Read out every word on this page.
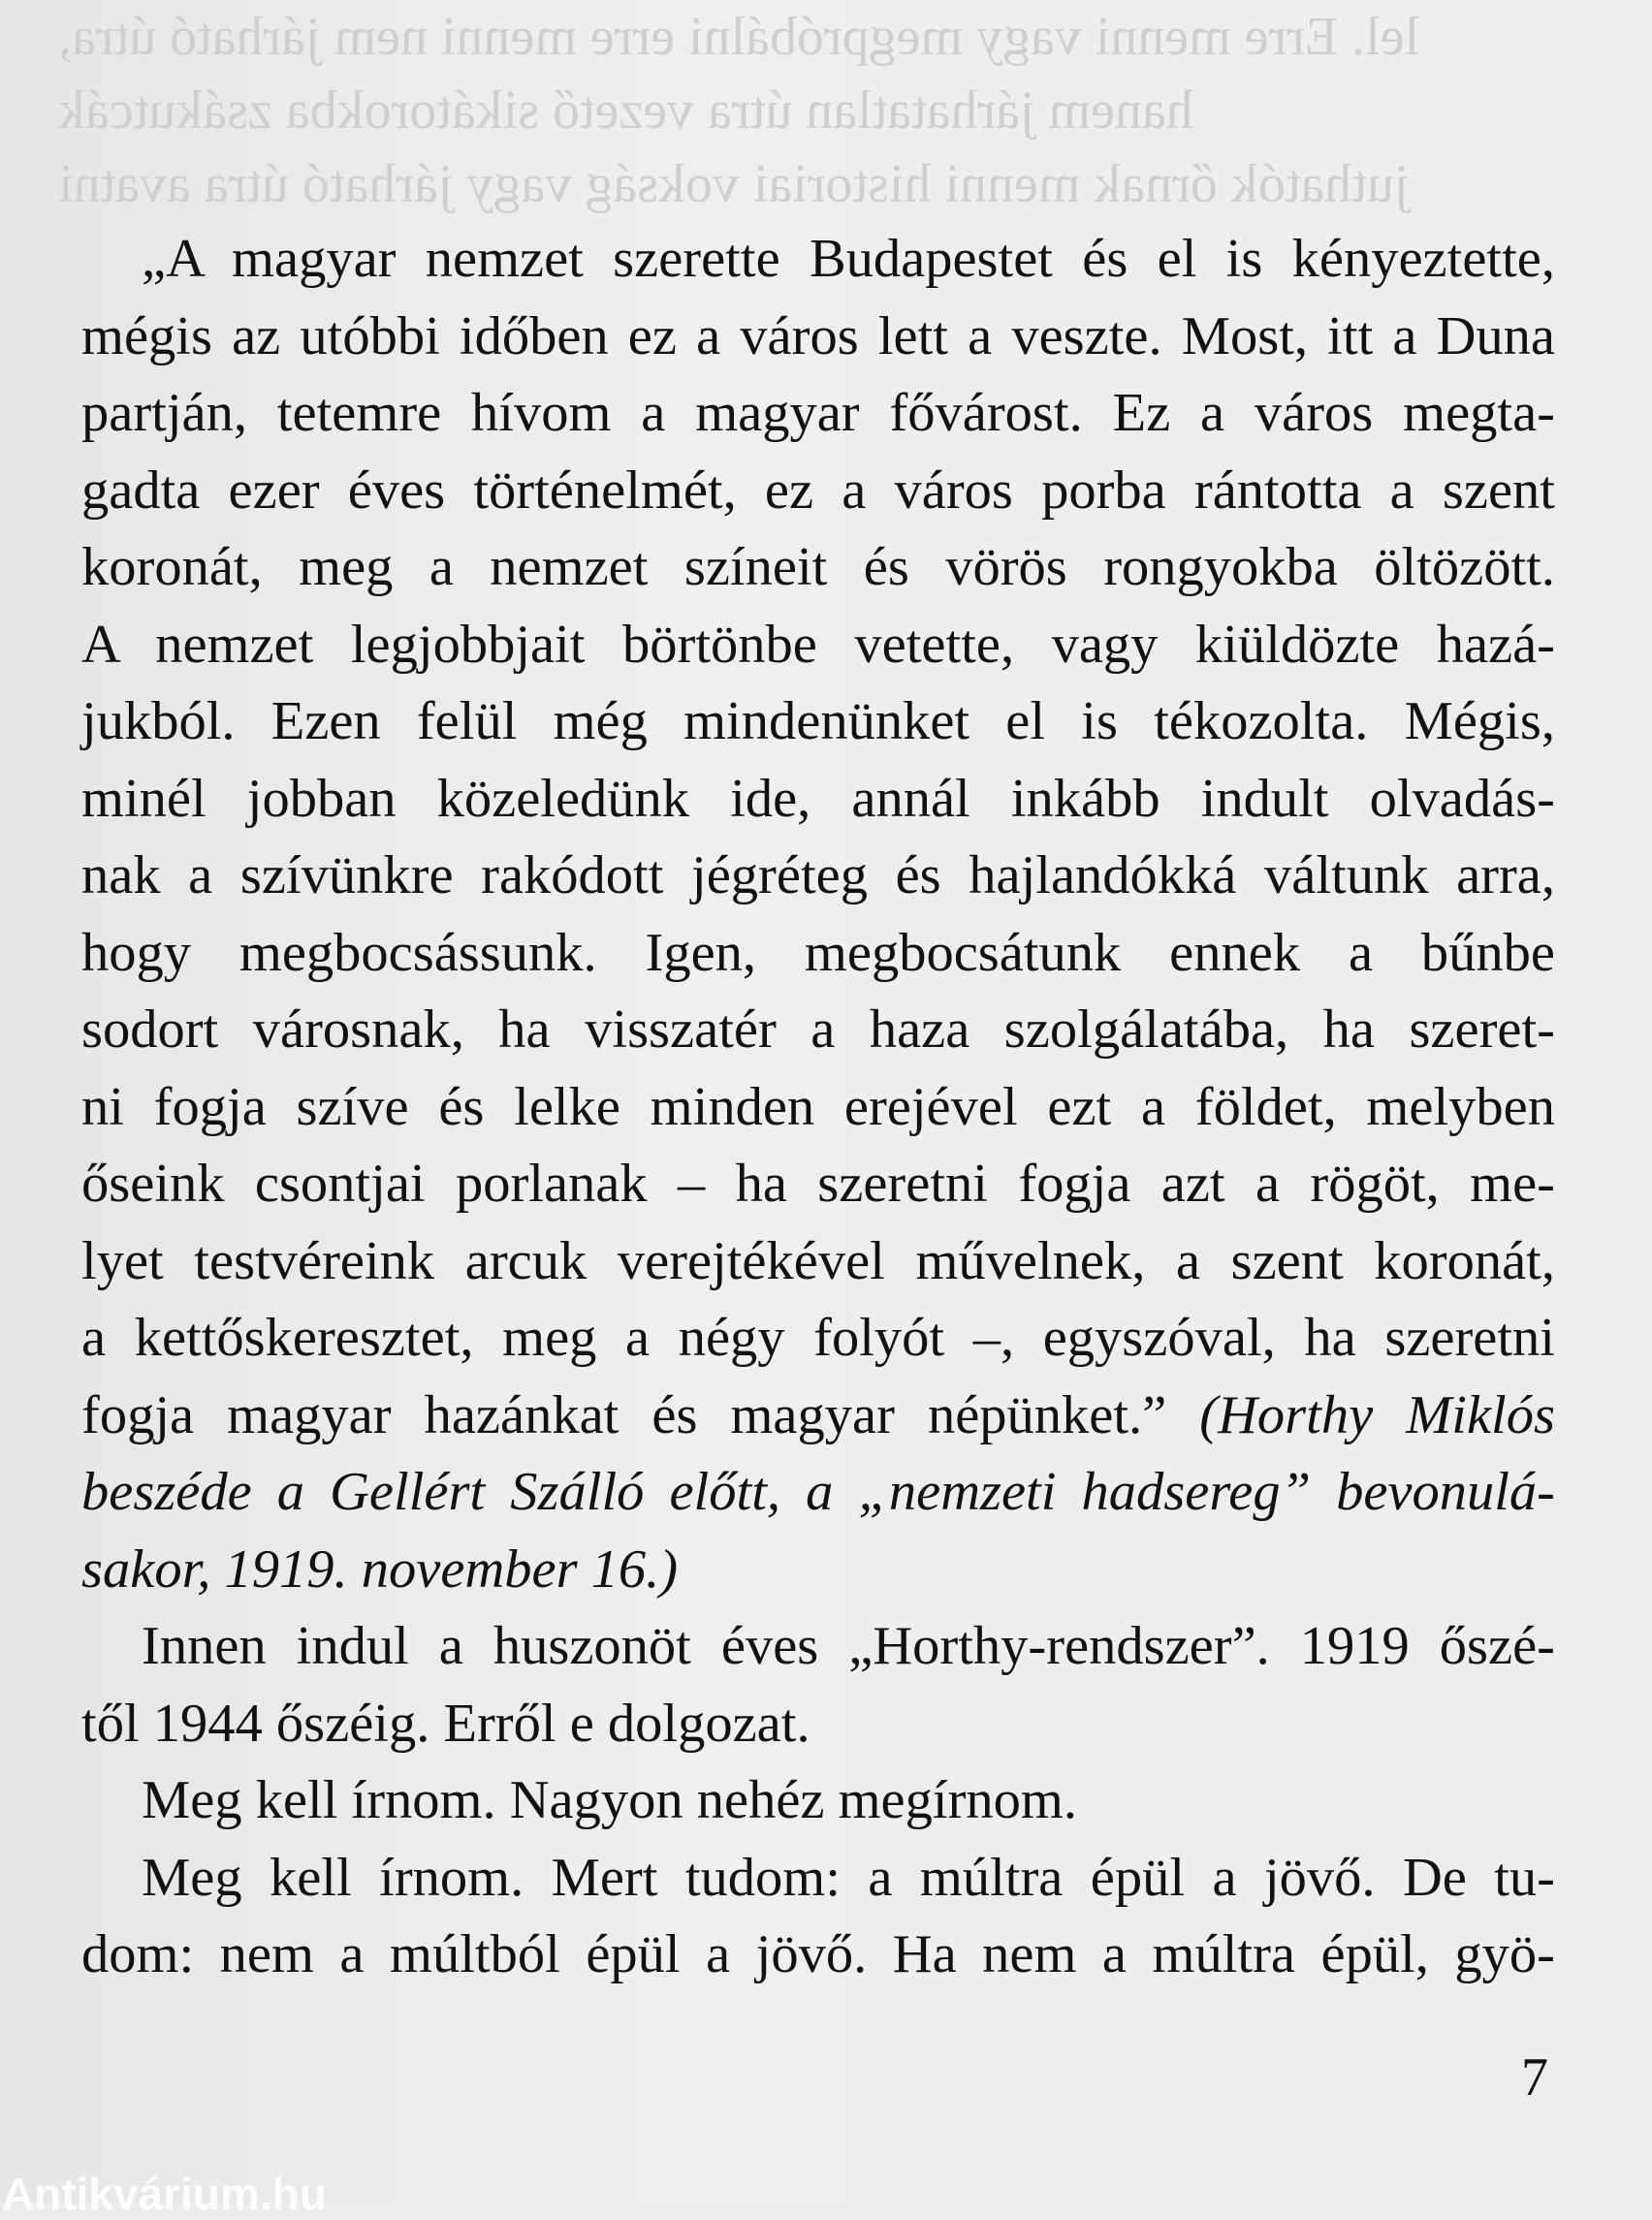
lel. Erre menni vagy megpróbálni erre menni nem járható útra,
hanem járhatatlan útra vezető sikátorokba zsákutcák
juthatók őrnak menni historiai vokság vagy járható útra avatni
„A magyar nemzet szerette Budapestet és el is kényeztette,
mégis az utóbbi időben ez a város lett a veszte. Most, itt a Duna
partján, tetemre hívom a magyar fővárost. Ez a város megta-
gadta ezer éves történelmét, ez a város porba rántotta a szent
koronát, meg a nemzet színeit és vörös rongyokba öltözött.
A nemzet legjobbjait börtönbe vetette, vagy kiüldözte hazá-
jukból. Ezen felül még mindenünket el is tékozolta. Mégis,
minél jobban közeledünk ide, annál inkább indult olvadás-
nak a szívünkre rakódott jégréteg és hajlandókká váltunk arra,
hogy megbocsássunk. Igen, megbocsátunk ennek a bűnbe
sodort városnak, ha visszatér a haza szolgálatába, ha szeret-
ni fogja szíve és lelke minden erejével ezt a földet, melyben
őseink csontjai porlanak – ha szeretni fogja azt a rögöt, me-
lyet testvéreink arcuk verejtékével művelnek, a szent koronát,
a kettőskeresztet, meg a négy folyót –, egyszóval, ha szeretni
fogja magyar hazánkat és magyar népünket.” (Horthy Miklós
beszéde a Gellért Szálló előtt, a „nemzeti hadsereg” bevonulá-
sakor, 1919. november 16.)
Innen indul a huszonöt éves „Horthy-rendszer”. 1919 őszé-
től 1944 őszéig. Erről e dolgozat.
Meg kell írnom. Nagyon nehéz megírnom.
Meg kell írnom. Mert tudom: a múltra épül a jövő. De tu-
dom: nem a múltból épül a jövő. Ha nem a múltra épül, gyö-
7
Antikvárium.hu
